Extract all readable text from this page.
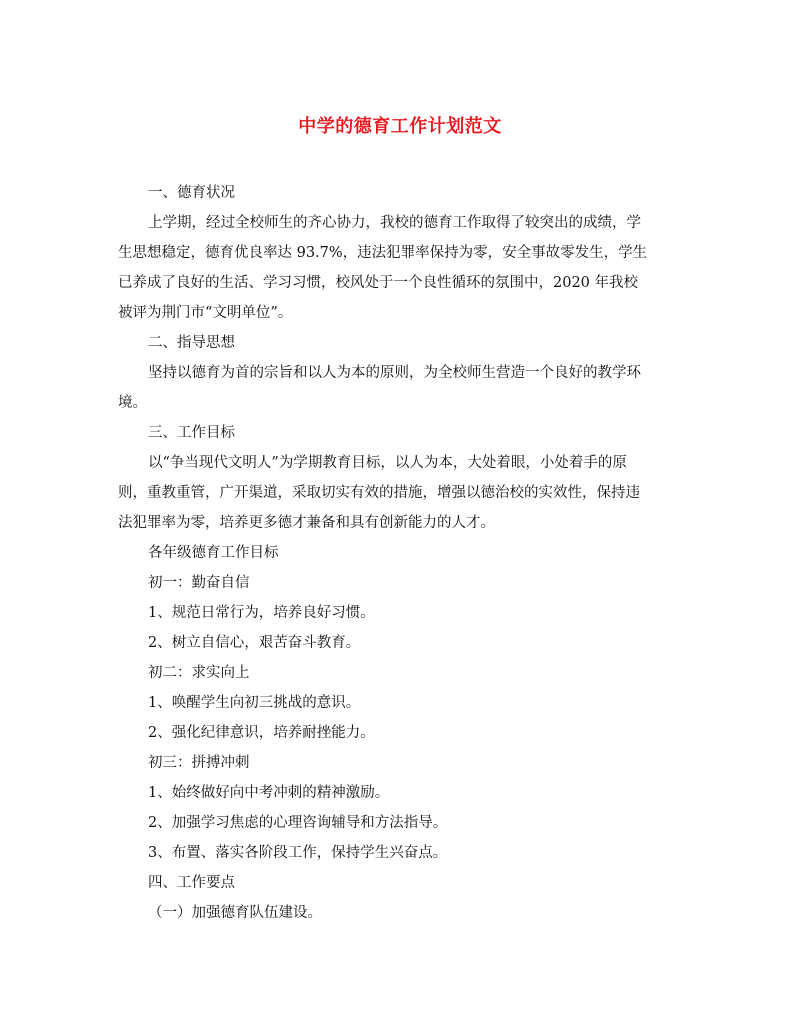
中学的德育工作计划范文
一、德育状况
上学期，经过全校师生的齐心协力，我校的德育工作取得了较突出的成绩，学
生思想稳定，德育优良率达 93.7%，违法犯罪率保持为零，安全事故零发生，学生
已养成了良好的生活、学习习惯，校风处于一个良性循环的氛围中，2020 年我校
被评为荆门市“文明单位”。
二、指导思想
坚持以德育为首的宗旨和以人为本的原则，为全校师生营造一个良好的教学环
境。
三、工作目标
以“争当现代文明人”为学期教育目标，以人为本，大处着眼，小处着手的原
则，重教重管，广开渠道，采取切实有效的措施，增强以德治校的实效性，保持违
法犯罪率为零，培养更多德才兼备和具有创新能力的人才。
各年级德育工作目标
初一：勤奋自信
1、规范日常行为，培养良好习惯。
2、树立自信心，艰苦奋斗教育。
初二：求实向上
1、唤醒学生向初三挑战的意识。
2、强化纪律意识，培养耐挫能力。
初三：拼搏冲刺
1、始终做好向中考冲刺的精神激励。
2、加强学习焦虑的心理咨询辅导和方法指导。
3、布置、落实各阶段工作，保持学生兴奋点。
四、工作要点
（一）加强德育队伍建设。
